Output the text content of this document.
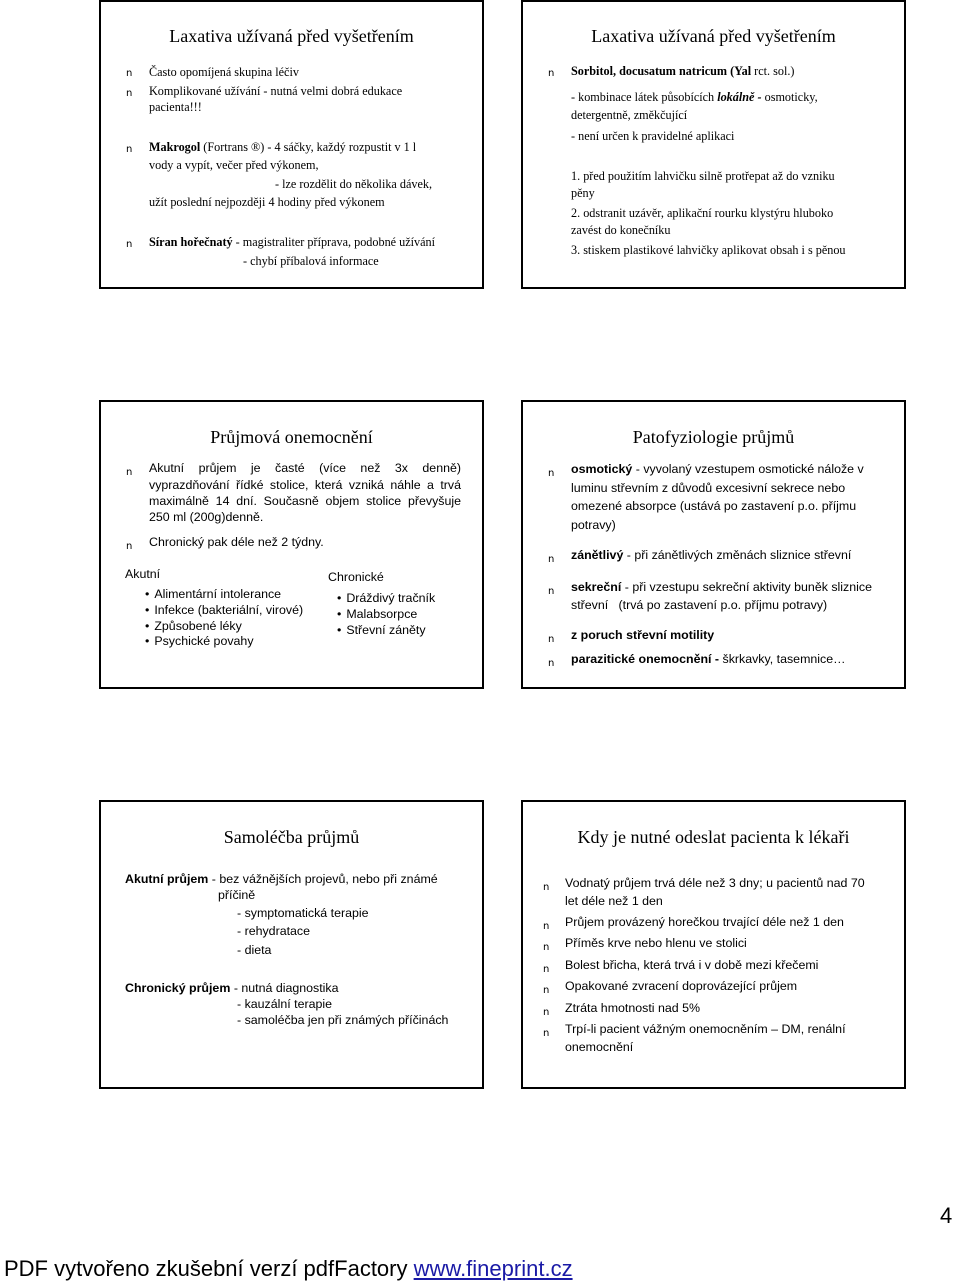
Laxativa užívaná před vyšetřením
n Často opomíjená skupina léčiv
n Komplikované užívání - nutná velmi dobrá edukace
pacienta!!!
n Makrogol (Fortrans ®) - 4 sáčky, každý rozpustit v 1 l
vody a vypít, večer před výkonem,
- lze rozdělit do několika dávek,
užít poslední nejpozději 4 hodiny před výkonem
n Síran hořečnatý - magistraliter příprava, podobné užívání
- chybí příbalová informace
Laxativa užívaná před vyšetřením
n Sorbitol, docusatum natricum (Yal rct. sol.)
- kombinace látek působících lokálně - osmoticky,
detergentně, změkčující
- není určen k pravidelné aplikaci
1. před použitím lahvičku silně protřepat až do vzniku
pěny
2. odstranit uzávěr, aplikační rourku klystýru hluboko
zavést do konečníku
3. stiskem plastikové lahvičky aplikovat obsah i s pěnou
Průjmová onemocnění
n Akutní průjem je časté (více než 3x denně)
vyprazdňování řídké stolice, která vzniká náhle a trvá
maximálně 14 dní. Současně objem stolice převyšuje
250 ml (200g)denně.
n Chronický pak déle než 2 týdny.
Akutní
• Alimentární intolerance
• Infekce (bakteriální, virové)
• Způsobené léky
• Psychické povahy
Chronické
• Dráždivý tračník
• Malabsorpce
• Střevní záněty
Patofyziologie průjmů
n osmotický - vyvolaný vzestupem osmotické nálože v
luminu střevním z důvodů excesivní sekrece nebo
omezené absorpce (ustává po zastavení p.o. příjmu
potravy)
n zánětlivý - při zánětlivých změnách sliznice střevní
n sekreční - při vzestupu sekreční aktivity buněk sliznice
střevní   (trvá po zastavení p.o. příjmu potravy)
n z poruch střevní motility
n parazitické onemocnění - škrkavky, tasemnice…
Samoléčba průjmů
Akutní průjem - bez vážnějších projevů, nebo při známé
příčině
- symptomatická terapie
- rehydratace
- dieta
Chronický průjem - nutná diagnostika
- kauzální terapie
- samoléčba jen při známých příčinách
Kdy je nutné odeslat pacienta k lékaři
n Vodnatý průjem trvá déle než 3 dny; u pacientů nad 70
let déle než 1 den
n Průjem provázený horečkou trvající déle než 1 den
n Příměs krve nebo hlenu ve stolici
n Bolest břicha, která trvá i v době mezi křečemi
n Opakované zvracení doprovázející průjem
n Ztráta hmotnosti nad 5%
n Trpí-li pacient vážným onemocněním – DM, renální
onemocnění
4
PDF vytvořeno zkušební verzí pdfFactory www.fineprint.cz
